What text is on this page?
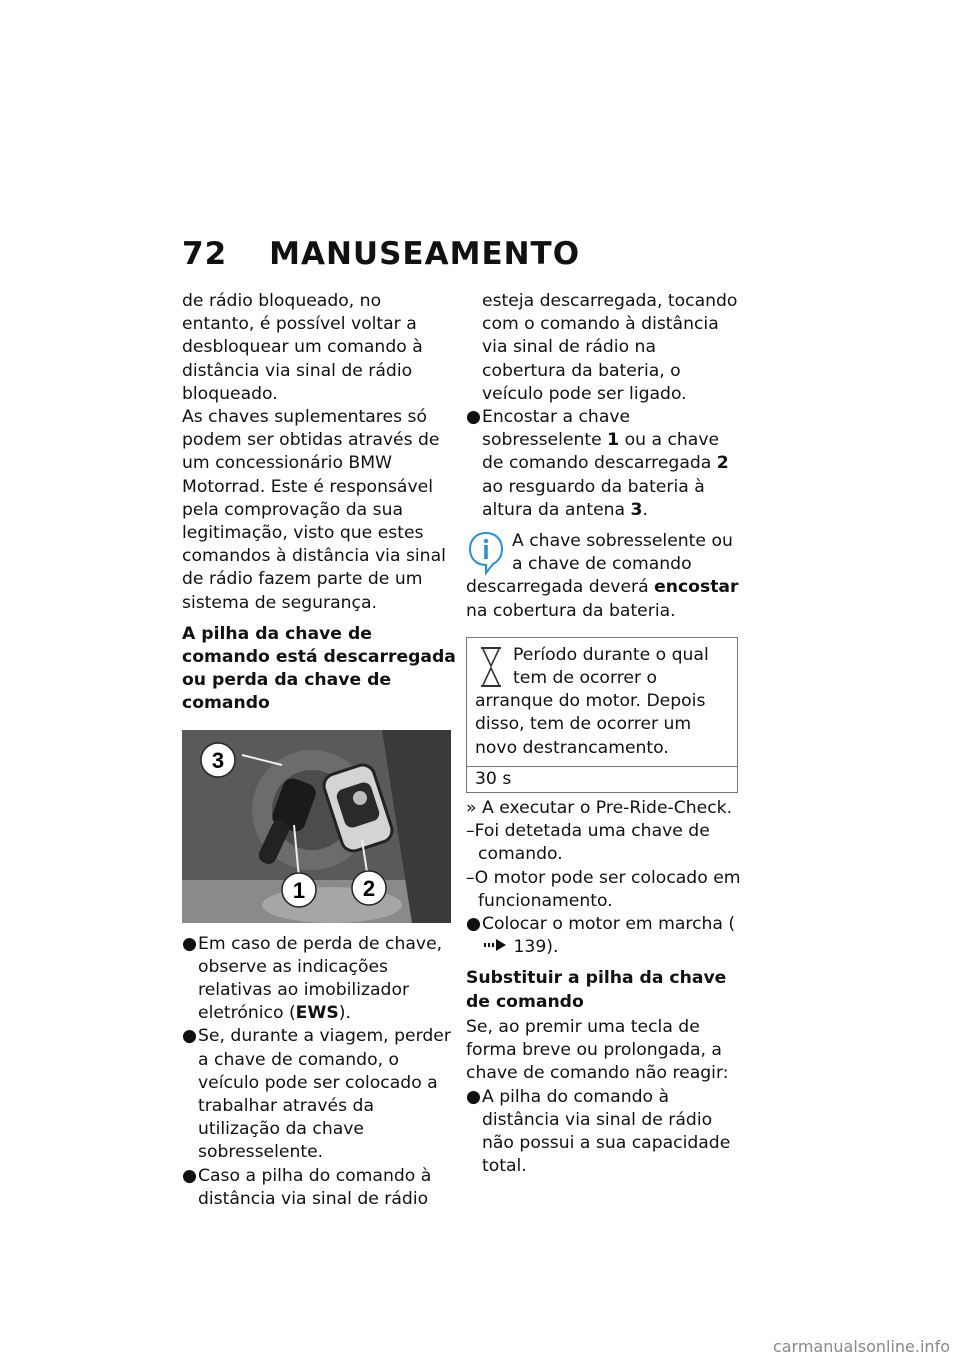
72 MANUSEAMENTO

de rádio bloqueado, no entanto, é possível voltar a desbloquear um comando à distância via sinal de rádio bloqueado.

As chaves suplementares só podem ser obtidas através de um concessionário BMW Motorrad. Este é responsável pela comprovação da sua legitimação, visto que estes comandos à distância via sinal de rádio fazem parte de um sistema de segurança.

A pilha da chave de comando está descarregada ou perda da chave de comando

3
1	2
● Em caso de perda de chave, observe as indicações relativas ao imobilizador eletrónico (EWS).
● Se, durante a viagem, perder a chave de comando, o veículo pode ser colocado a trabalhar através da utilização da chave sobresselente.
● Caso a pilha do comando à distância via sinal de rádio

esteja descarregada, tocando com o comando à distância via sinal de rádio na cobertura da bateria, o veículo pode ser ligado.

● Encostar a chave sobresselente 1 ou a chave de comando descarregada 2 ao resguardo da bateria à altura da antena 3.
A chave sobresselente ou a chave de comando descarregada deverá encostar na cobertura da bateria.
Período durante o qual tem de ocorrer o arranque do motor. Depois disso, tem de ocorrer um novo destrancamento.
30 s

» A executar o Pre-Ride-Check.

–Foi detetada uma chave de comando.

–O motor pode ser colocado em funcionamento.

● Colocar o motor em marcha ( 139).

Substituir a pilha da chave de comando

Se, ao premir uma tecla de forma breve ou prolongada, a chave de comando não reagir:

● A pilha do comando à distância via sinal de rádio não possui a sua capacidade total.
carmanualsonline.info
